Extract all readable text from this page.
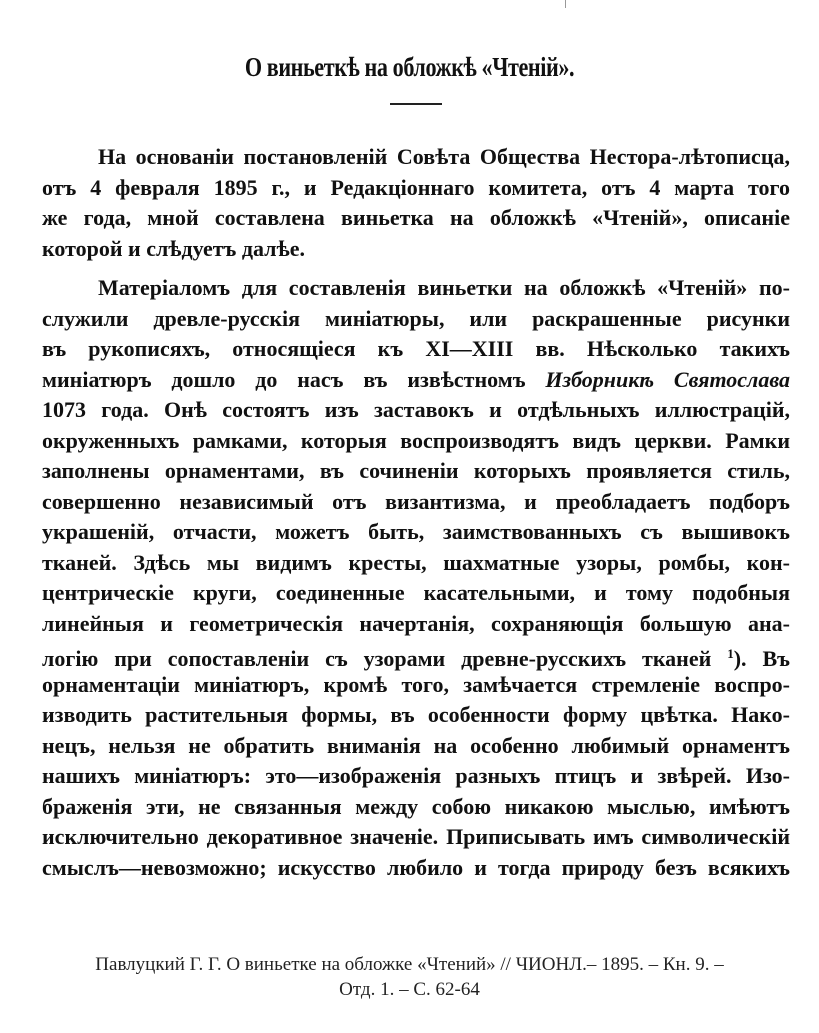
О виньеткѣ на обложкѣ «Чтеній».
На основаніи постановленій Совѣта Общества Нестора-лѣтописца,
отъ 4 февраля 1895 г., и Редакціоннаго комитета, отъ 4 марта того
же года, мной составлена виньетка на обложкѣ «Чтеній», описаніе
которой и слѣдуетъ далѣе.
Матеріаломъ для составленія виньетки на обложкѣ «Чтеній» по-
служили древле-русскія миніатюры, или раскрашенные рисунки
въ рукописяхъ, относящіеся къ XI—XIII вв. Нѣсколько такихъ
миніатюръ дошло до насъ въ извѣстномъ Изборникѣ Святослава
1073 года. Онѣ состоятъ изъ заставокъ и отдѣльныхъ иллюстрацій,
окруженныхъ рамками, которыя воспроизводятъ видъ церкви. Рамки
заполнены орнаментами, въ сочиненіи которыхъ проявляется стиль,
совершенно независимый отъ византизма, и преобладаетъ подборъ
украшеній, отчасти, можетъ быть, заимствованныхъ съ вышивокъ
тканей. Здѣсь мы видимъ кресты, шахматные узоры, ромбы, кон-
центрическіе круги, соединенные касательными, и тому подобныя
линейныя и геометрическія начертанія, сохраняющія большую ана-
логію при сопоставленіи съ узорами древне-русскихъ тканей $^1$). Въ
орнаментаціи миніатюръ, кромѣ того, замѣчается стремленіе воспро-
изводить растительныя формы, въ особенности форму цвѣтка. Нако-
нецъ, нельзя не обратить вниманія на особенно любимый орнаментъ
нашихъ миніатюръ: это—изображенія разныхъ птицъ и звѣрей. Изо-
браженія эти, не связанныя между собою никакою мыслью, имѣютъ
исключительно декоративное значеніе. Приписывать имъ символическій
смыслъ—невозможно; искусство любило и тогда природу безъ всякихъ
Павлуцкий Г. Г. О виньетке на обложке «Чтений» // ЧИОНЛ.– 1895. – Кн. 9. –
Отд. 1. – С. 62-64
